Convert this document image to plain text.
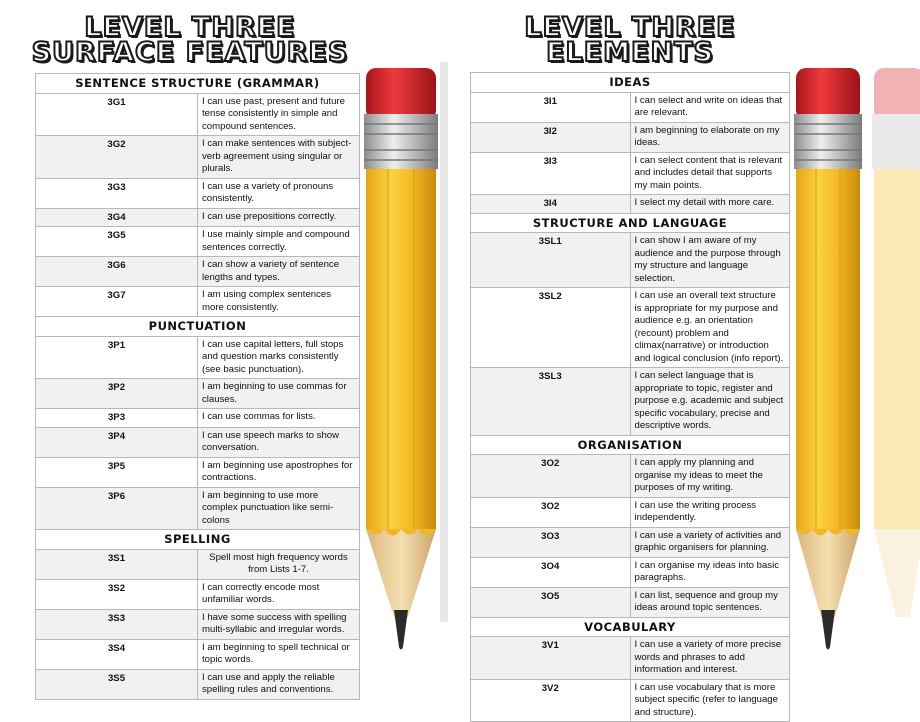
LEVEL THREE
SURFACE FEATURES
SENTENCE STRUCTURE (GRAMMAR)	
3G1	I can use past, present and future tense consistently in simple and compound sentences.
3G2	I can make sentences with subject-verb agreement using singular or plurals.
3G3	I can use a variety of pronouns consistently.
3G4	I can use prepositions correctly.
3G5	I use mainly simple and compound sentences correctly.
3G6	I can show a variety of sentence lengths and types.
3G7	I am using complex sentences more consistently.
PUNCTUATION	
3P1	I can use capital letters, full stops and question marks consistently (see basic punctuation).
3P2	I am beginning to use commas for clauses.
3P3	I can use commas for lists.
3P4	I can use speech marks to show conversation.
3P5	I am beginning use apostrophes for contractions.
3P6	I am beginning to use more complex punctuation like semi-colons
SPELLING	
3S1	Spell most high frequency words from Lists 1-7.
3S2	I can correctly encode most unfamiliar words.
3S3	I have some success with spelling multi-syllabic and irregular words.
3S4	I am beginning to spell technical or topic words.
3S5	I can use and apply the reliable spelling rules and conventions.
LEVEL THREE
ELEMENTS
IDEAS	
3I1	I can select and write on ideas that are relevant.
3I2	I am beginning to elaborate on my ideas.
3I3	I can select content that is relevant and includes detail that supports my main points.
3I4	I select my detail with more care.
STRUCTURE AND LANGUAGE	
3SL1	I can show I am aware of my audience and the purpose through my structure and language selection.
3SL2	I can use an overall text structure is appropriate for my purpose and audience e.g. an orientation (recount) problem and climax(narrative) or introduction and logical conclusion (info report).
3SL3	I can select language that is appropriate to topic, register and purpose e.g. academic and subject specific vocabulary, precise and descriptive words.
ORGANISATION	
3O2	I can apply my planning and organise my ideas to meet the purposes of my writing.
3O2	I can use the writing process independently.
3O3	I can use a variety of activities and graphic organisers for planning.
3O4	I can organise my ideas into basic paragraphs.
3O5	I can list, sequence and group my ideas around topic sentences.
VOCABULARY	
3V1	I can use a variety of more precise words and phrases to add information and interest.
3V2	I can use vocabulary that is more subject specific (refer to language and structure).
